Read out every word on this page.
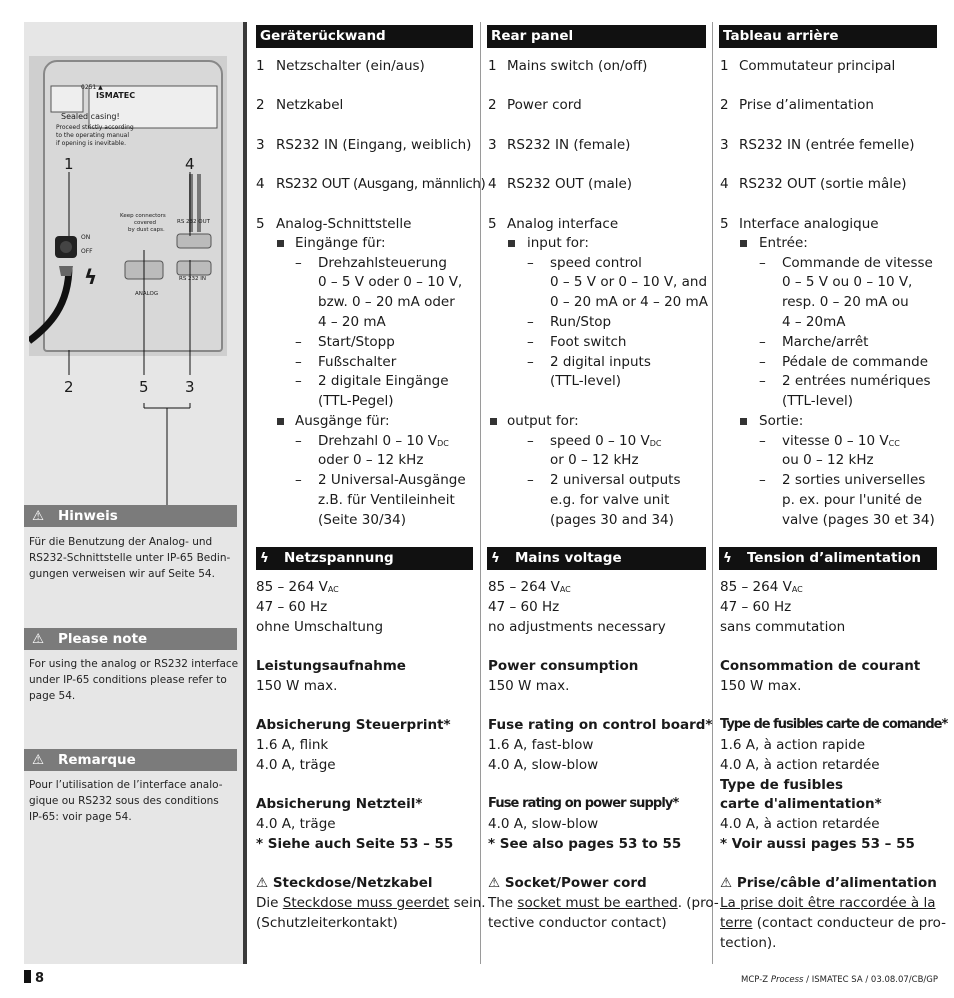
0251 ▲
ISMATEC
Sealed casing!
Proceed strictly according
to the operating manual
if opening is inevitable.
ON
OFF
Keep connectors
covered
by dust caps.
RS 232 OUT
RS 232 IN
ANALOG
ϟ
1	4
2	5 3
⚠ Hinweis
Für die Benutzung der Analog- und
RS232-Schnittstelle unter IP-65 Bedin-
gungen verweisen wir auf Seite 54.
⚠ Please note
For using the analog or RS232 interface
under IP-65 conditions please refer to
page 54.
⚠ Remarque
Pour l’utilisation de l’interface analo-
gique ou RS232 sous des conditions
IP-65: voir page 54.
Geräterückwand
1 Netzschalter (ein/aus)
2 Netzkabel
3 RS232 IN (Eingang, weiblich)
4 RS232 OUT (Ausgang, männlich)
5 Analog-Schnittstelle
Eingänge für:
– Drehzahlsteuerung
0 – 5 V oder 0 – 10 V,
bzw. 0 – 20 mA oder
4 – 20 mA
– Start/Stopp
– Fußschalter
– 2 digitale Eingänge
(TTL-Pegel)
Ausgänge für:
– Drehzahl 0 – 10 VDC
oder 0 – 12 kHz
– 2 Universal-Ausgänge
z.B. für Ventileinheit
(Seite 30/34)
ϟ Netzspannung
85 – 264 VAC
47 – 60 Hz
ohne Umschaltung
Leistungsaufnahme
150 W max.
Absicherung Steuerprint*
1.6 A, flink
4.0 A, träge
Absicherung Netzteil*
4.0 A, träge
* Siehe auch Seite 53 – 55
⚠ Steckdose/Netzkabel
Die Steckdose muss geerdet sein.
(Schutzleiterkontakt)
Rear panel
1 Mains switch (on/off)
2 Power cord
3 RS232 IN (female)
4 RS232 OUT (male)
5 Analog interface
input for:
– speed control
0 – 5 V or 0 – 10 V, and
0 – 20 mA or 4 – 20 mA
– Run/Stop
– Foot switch
– 2 digital inputs
(TTL-level)
output for:
– speed 0 – 10 VDC
or 0 – 12 kHz
– 2 universal outputs
e.g. for valve unit
(pages 30 and 34)
ϟ Mains voltage
85 – 264 VAC
47 – 60 Hz
no adjustments necessary
Power consumption
150 W max.
Fuse rating on control board*
1.6 A, fast-blow
4.0 A, slow-blow
Fuse rating on power supply*
4.0 A, slow-blow
* See also pages 53 to 55
⚠ Socket/Power cord
The socket must be earthed. (pro-
tective conductor contact)
Tableau arrière
1 Commutateur principal
2 Prise d’alimentation
3 RS232 IN (entrée femelle)
4 RS232 OUT (sortie mâle)
5 Interface analogique
Entrée:
– Commande de vitesse
0 – 5 V ou 0 – 10 V,
resp. 0 – 20 mA ou
4 – 20mA
– Marche/arrêt
– Pédale de commande
– 2 entrées numériques
(TTL-level)
Sortie:
– vitesse 0 – 10 VCC
ou 0 – 12 kHz
– 2 sorties universelles
p. ex. pour l'unité de
valve (pages 30 et 34)
ϟ Tension d’alimentation
85 – 264 VAC
47 – 60 Hz
sans commutation
Consommation de courant
150 W max.
Type de fusibles carte de comande*
1.6 A, à action rapide
4.0 A, à action retardée
Type de fusibles
carte d'alimentation*
4.0 A, à action retardée
* Voir aussi pages 53 – 55
⚠ Prise/câble d’alimentation
La prise doit être raccordée à la
terre (contact conducteur de pro-
tection).
8	MCP-Z Process / ISMATEC SA / 03.08.07/CB/GP
